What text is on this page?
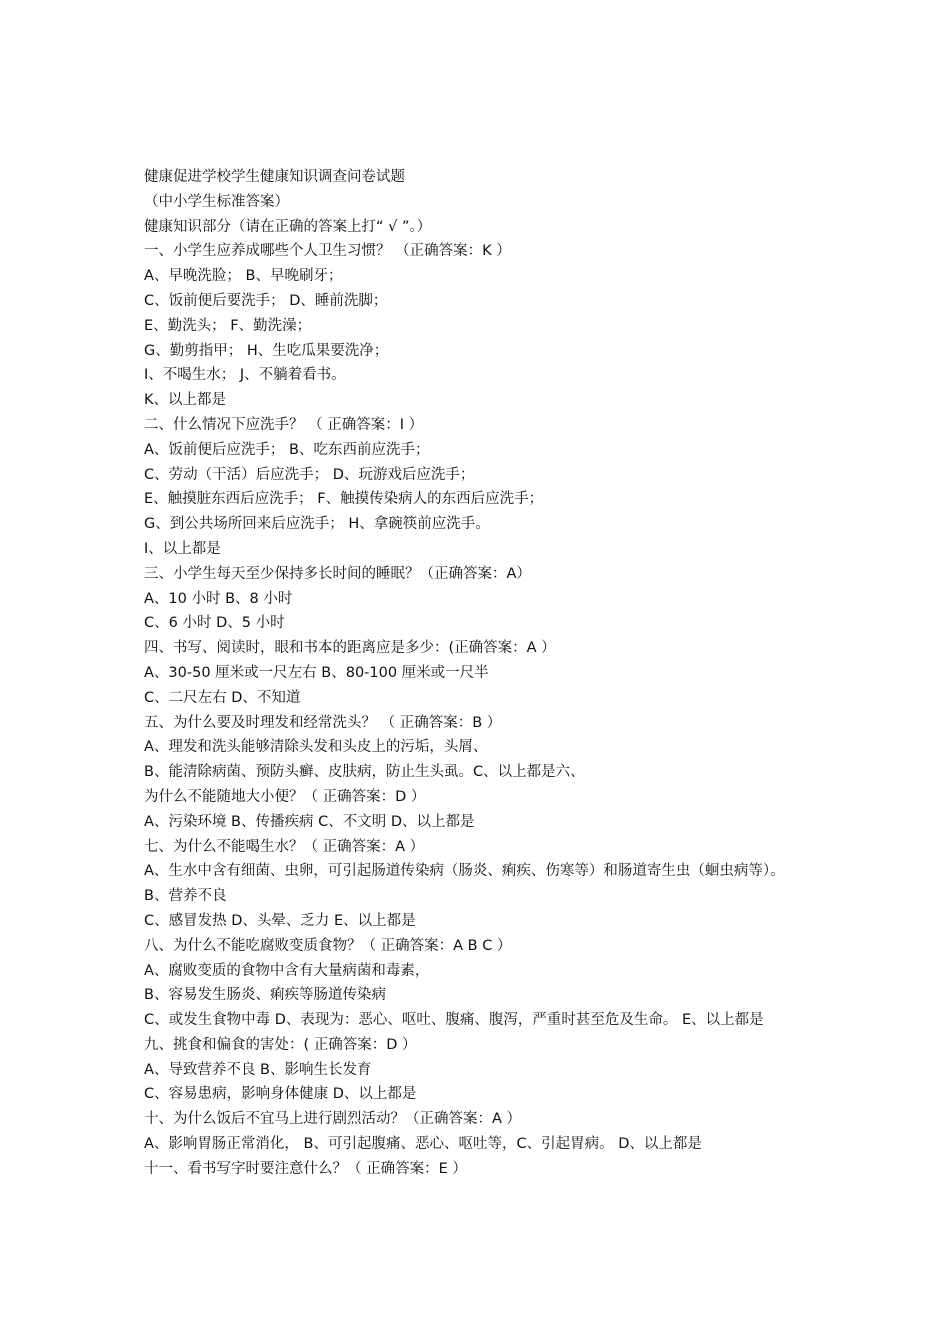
健康促进学校学生健康知识调查问卷试题
（中小学生标准答案）
健康知识部分（请在正确的答案上打“ √ ”。）
一、小学生应养成哪些个人卫生习惯？ （正确答案：K ）
A、早晚洗脸； B、早晚刷牙；
C、饭前便后要洗手； D、睡前洗脚；
E、勤洗头； F、勤洗澡；
G、勤剪指甲； H、生吃瓜果要洗净；
I、不喝生水； J、不躺着看书。
K、以上都是
二、什么情况下应洗手？ （ 正确答案：I ）
A、饭前便后应洗手； B、吃东西前应洗手；
C、劳动（干活）后应洗手； D、玩游戏后应洗手；
E、触摸脏东西后应洗手； F、触摸传染病人的东西后应洗手；
G、到公共场所回来后应洗手； H、拿碗筷前应洗手。
I、以上都是
三、小学生每天至少保持多长时间的睡眠？（正确答案：A）
A、10 小时 B、8 小时
C、6 小时 D、5 小时
四、书写、阅读时，眼和书本的距离应是多少：(正确答案：A ）
A、30-50 厘米或一尺左右 B、80-100 厘米或一尺半
C、二尺左右 D、不知道
五、为什么要及时理发和经常洗头？ （ 正确答案：B ）
A、理发和洗头能够清除头发和头皮上的污垢，头屑、
B、能清除病菌、预防头癣、皮肤病，防止生头虱。C、以上都是六、
为什么不能随地大小便？（ 正确答案：D ）
A、污染环境 B、传播疾病 C、不文明 D、以上都是
七、为什么不能喝生水？（ 正确答案：A ）
A、生水中含有细菌、虫卵，可引起肠道传染病（肠炎、痢疾、伤寒等）和肠道寄生虫（蛔虫病等）。 B、营养不良
C、感冒发热 D、头晕、乏力 E、以上都是
八、为什么不能吃腐败变质食物？（ 正确答案：A B C ）
A、腐败变质的食物中含有大量病菌和毒素，
B、容易发生肠炎、痢疾等肠道传染病
C、或发生食物中毒 D、表现为：恶心、呕吐、腹痛、腹泻，严重时甚至危及生命。 E、以上都是
九、挑食和偏食的害处：( 正确答案：D ）
A、导致营养不良 B、影响生长发育
C、容易患病，影响身体健康 D、以上都是
十、为什么饭后不宜马上进行剧烈活动？（正确答案：A ）
A、影响胃肠正常消化， B、可引起腹痛、恶心、呕吐等，C、引起胃病。 D、以上都是
十一、看书写字时要注意什么？（ 正确答案：E ）
